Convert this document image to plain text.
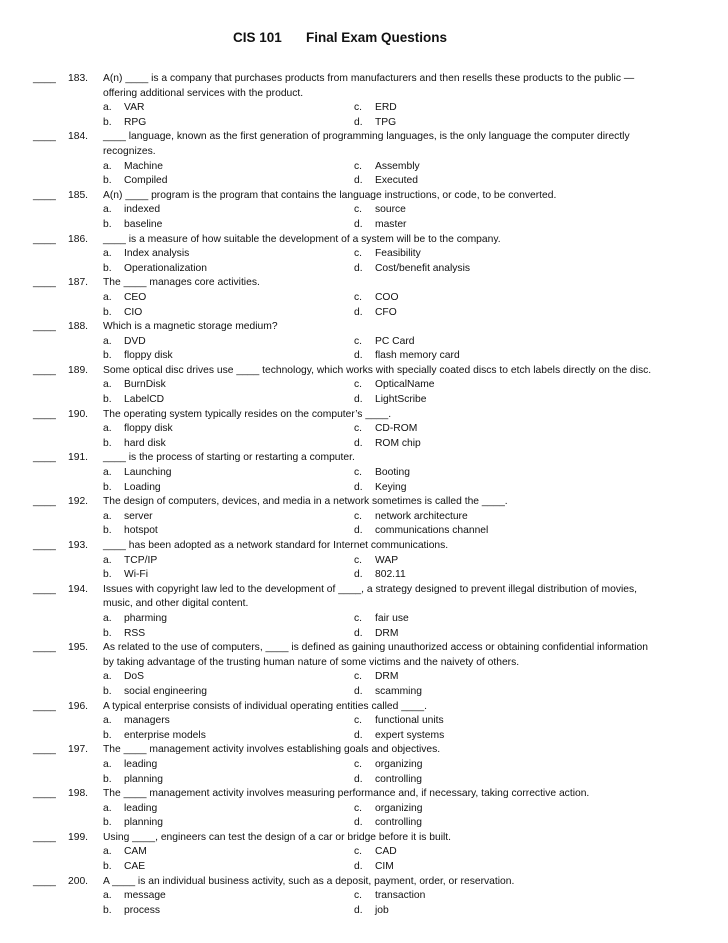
CIS 101 Final Exam Questions
____ 183. A(n) ____ is a company that purchases products from manufacturers and then resells these products to the public —
offering additional services with the product.
a. VAR	c. ERD
b. RPG	d. TPG
____ 184. ____ language, known as the first generation of programming languages, is the only language the computer directly
recognizes.
a. Machine	c. Assembly
b. Compiled	d. Executed
____ 185. A(n) ____ program is the program that contains the language instructions, or code, to be converted.
a. indexed	c. source
b. baseline	d. master
____ 186. ____ is a measure of how suitable the development of a system will be to the company.
a. Index analysis	c. Feasibility
b. Operationalization	d. Cost/benefit analysis
____ 187. The ____ manages core activities.
a. CEO	c. COO
b. CIO	d. CFO
____ 188. Which is a magnetic storage medium?
a. DVD	c. PC Card
b. floppy disk	d. flash memory card
____ 189. Some optical disc drives use ____ technology, which works with specially coated discs to etch labels directly on the disc.
a. BurnDisk	c. OpticalName
b. LabelCD	d. LightScribe
____ 190. The operating system typically resides on the computer’s ____.
a. floppy disk	c. CD-ROM
b. hard disk	d. ROM chip
____ 191. ____ is the process of starting or restarting a computer.
a. Launching	c. Booting
b. Loading	d. Keying
____ 192. The design of computers, devices, and media in a network sometimes is called the ____.
a. server	c. network architecture
b. hotspot	d. communications channel
____ 193. ____ has been adopted as a network standard for Internet communications.
a. TCP/IP	c. WAP
b. Wi-Fi	d. 802.11
____ 194. Issues with copyright law led to the development of ____, a strategy designed to prevent illegal distribution of movies,
music, and other digital content.
a. pharming	c. fair use
b. RSS	d. DRM
____ 195. As related to the use of computers, ____ is defined as gaining unauthorized access or obtaining confidential information
by taking advantage of the trusting human nature of some victims and the naivety of others.
a. DoS	c. DRM
b. social engineering	d. scamming
____ 196. A typical enterprise consists of individual operating entities called ____.
a. managers	c. functional units
b. enterprise models	d. expert systems
____ 197. The ____ management activity involves establishing goals and objectives.
a. leading	c. organizing
b. planning	d. controlling
____ 198. The ____ management activity involves measuring performance and, if necessary, taking corrective action.
a. leading	c. organizing
b. planning	d. controlling
____ 199. Using ____, engineers can test the design of a car or bridge before it is built.
a. CAM	c. CAD
b. CAE	d. CIM
____ 200. A ____ is an individual business activity, such as a deposit, payment, order, or reservation.
a. message	c. transaction
b. process	d. job
